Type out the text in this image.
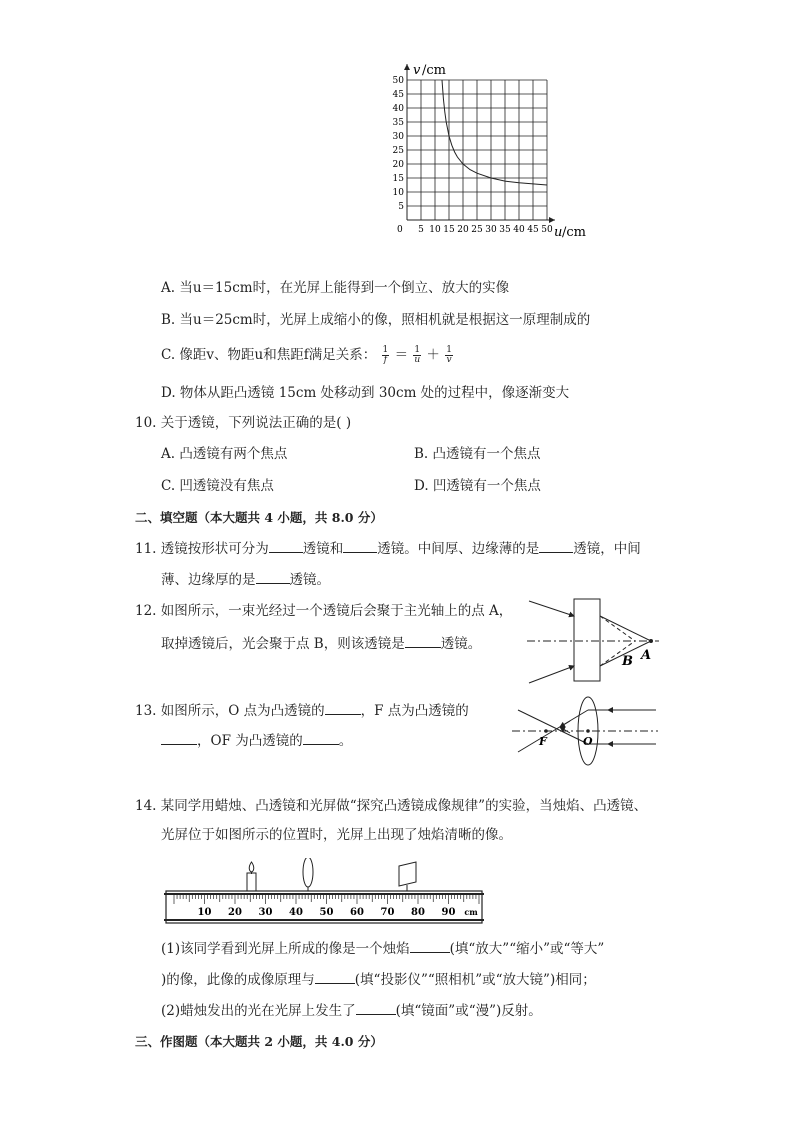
v /cm
5
10
15
20
25
30
35
40
45
50
5 10 15 20 25 30 35 40 45 50
0	u /cm
A. 当u＝15cm时，在光屏上能得到一个倒立、放大的实像
B. 当u＝25cm时，光屏上成缩小的像，照相机就是根据这一原理制成的
C. 像距v、物距u和焦距f满足关系： $\frac{1}{f} = \frac{1}{u} + \frac{1}{v}$
D. 物体从距凸透镜 15cm 处移动到 30cm 处的过程中，像逐渐变大
10. 关于透镜，下列说法正确的是( )
A. 凸透镜有两个焦点	B. 凸透镜有一个焦点
C. 凹透镜没有焦点	D. 凹透镜有一个焦点
二、填空题（本大题共 4 小题，共 8.0 分）
11. 透镜按形状可分为	透镜和	透镜。中间厚、边缘薄的是	透镜，中间
薄、边缘厚的是	透镜。
12. 如图所示，一束光经过一个透镜后会聚于主光轴上的点 A，
取掉透镜后，光会聚于点 B，则该透镜是	透镜。
A
B
13. 如图所示，O 点为凸透镜的	，F 点为凸透镜的
，OF 为凸透镜的	。	F	O
14. 某同学用蜡烛、凸透镜和光屏做“探究凸透镜成像规律”的实验，当烛焰、凸透镜、
光屏位于如图所示的位置时，光屏上出现了烛焰清晰的像。
10 20 30 40 50 60 70 80 90 cm
(1)该同学看到光屏上所成的像是一个烛焰	(填“放大”“缩小”或“等大”
)的像，此像的成像原理与	(填“投影仪”“照相机”或“放大镜”)相同；
(2)蜡烛发出的光在光屏上发生了	(填“镜面”或“漫”)反射。
三、作图题（本大题共 2 小题，共 4.0 分）
